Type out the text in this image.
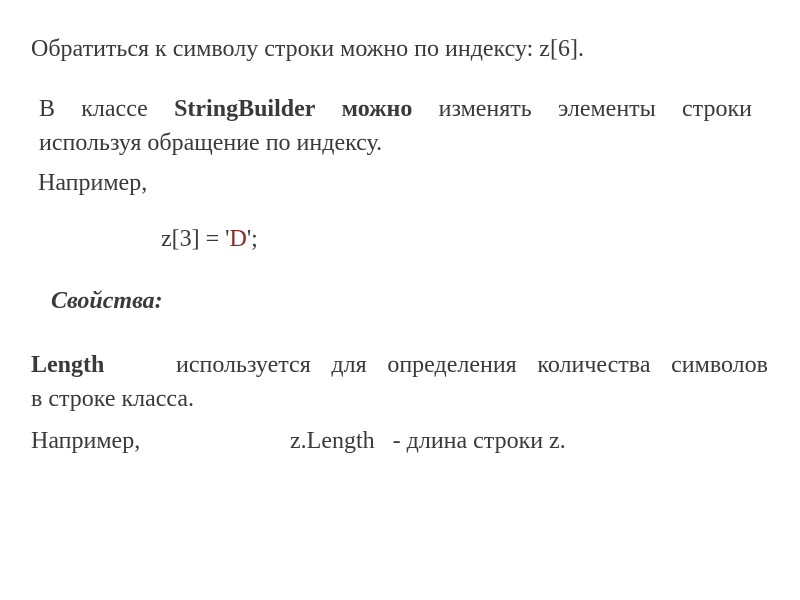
Обратиться к символу строки можно по индексу: z[6].
В классе StringBuilder можно изменять элементы строки
используя обращение по индексу.
Например,
z[3] = 'D';
Свойства:
Length	используется для определения количества символов
в строке класса.
Например,	z.Length   - длина строки z.
